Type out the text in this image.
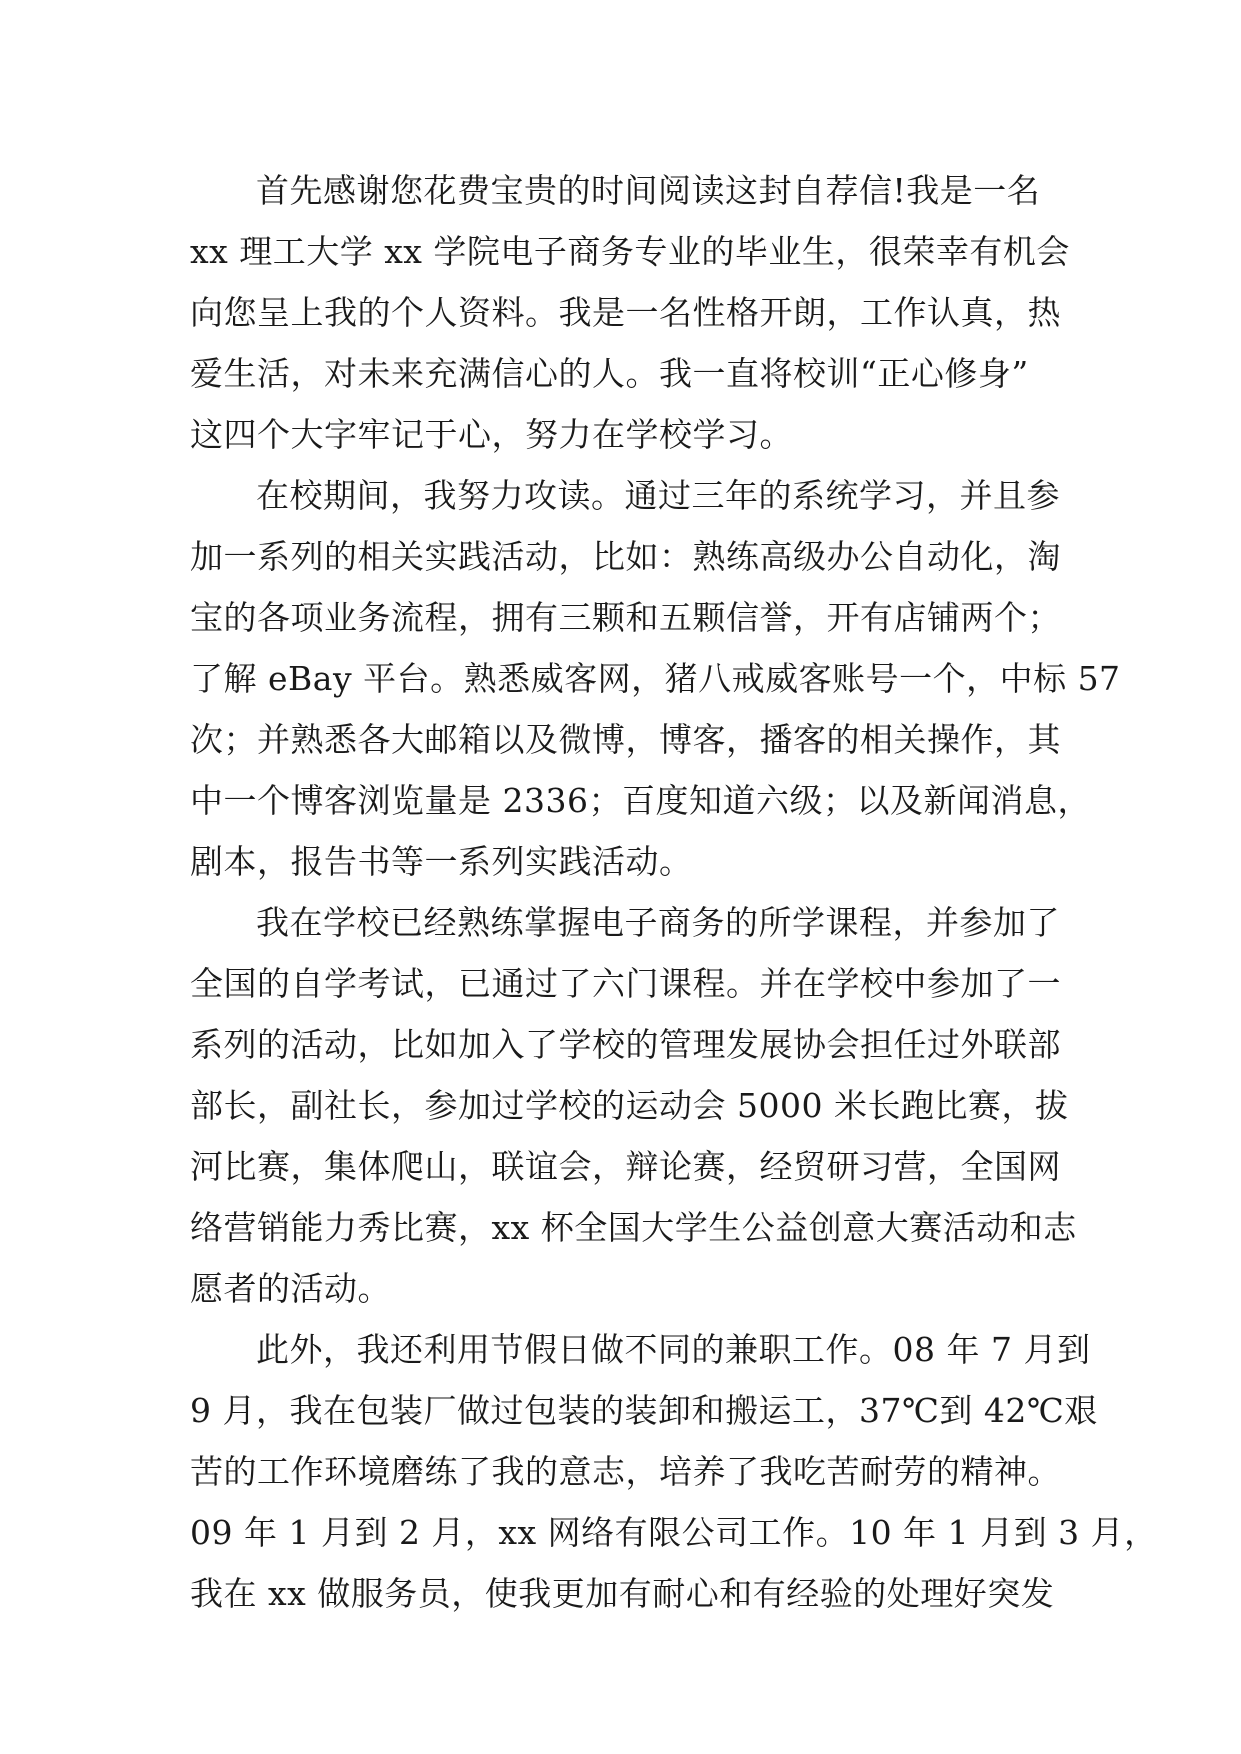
首先感谢您花费宝贵的时间阅读这封自荐信!我是一名
xx 理工大学 xx 学院电子商务专业的毕业生，很荣幸有机会
向您呈上我的个人资料。我是一名性格开朗，工作认真，热
爱生活，对未来充满信心的人。我一直将校训“正心修身”
这四个大字牢记于心，努力在学校学习。
在校期间，我努力攻读。通过三年的系统学习，并且参
加一系列的相关实践活动，比如：熟练高级办公自动化，淘
宝的各项业务流程，拥有三颗和五颗信誉，开有店铺两个；
了解 eBay 平台。熟悉威客网，猪八戒威客账号一个，中标 57
次；并熟悉各大邮箱以及微博，博客，播客的相关操作，其
中一个博客浏览量是 2336；百度知道六级；以及新闻消息，
剧本，报告书等一系列实践活动。
我在学校已经熟练掌握电子商务的所学课程，并参加了
全国的自学考试，已通过了六门课程。并在学校中参加了一
系列的活动，比如加入了学校的管理发展协会担任过外联部
部长，副社长，参加过学校的运动会 5000 米长跑比赛，拔
河比赛，集体爬山，联谊会，辩论赛，经贸研习营，全国网
络营销能力秀比赛，xx 杯全国大学生公益创意大赛活动和志
愿者的活动。
此外，我还利用节假日做不同的兼职工作。08 年 7 月到
9 月，我在包装厂做过包装的装卸和搬运工，37℃到 42℃艰
苦的工作环境磨练了我的意志，培养了我吃苦耐劳的精神。
09 年 1 月到 2 月，xx 网络有限公司工作。10 年 1 月到 3 月，
我在 xx 做服务员，使我更加有耐心和有经验的处理好突发
